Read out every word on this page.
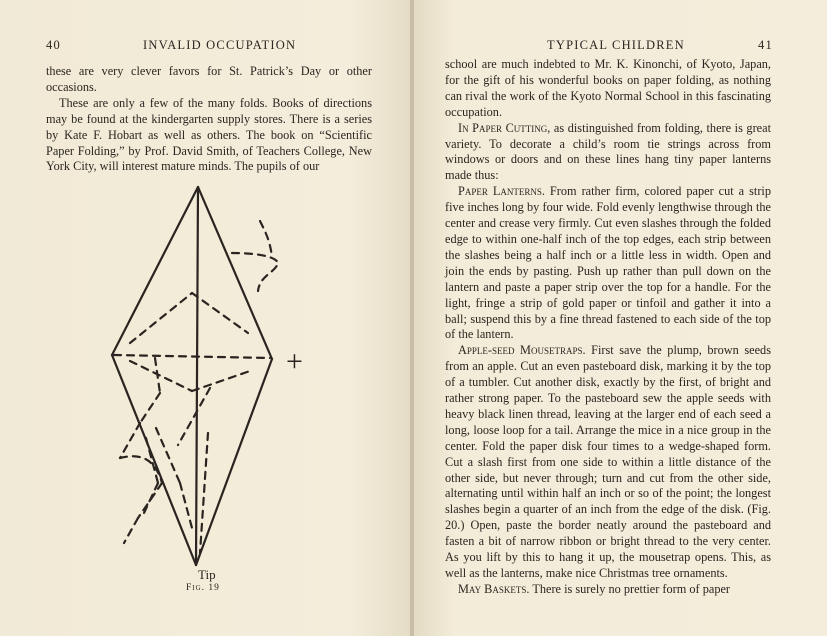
40	INVALID OCCUPATION

these are very clever favors for St. Patrick’s Day or other occasions.

These are only a few of the many folds. Books of directions may be found at the kindergarten supply stores. There is a series by Kate F. Hobart as well as others. The book on “Scientific Paper Folding,” by Prof. David Smith, of Teachers College, New York City, will interest mature minds. The pupils of our

+
Tip
Fig. 19
TYPICAL CHILDREN	41

school are much indebted to Mr. K. Kinonchi, of Kyoto, Japan, for the gift of his wonderful books on paper folding, as nothing can rival the work of the Kyoto Normal School in this fascinating occupation.

In Paper Cutting, as distinguished from folding, there is great variety. To decorate a child’s room tie strings across from windows or doors and on these lines hang tiny paper lanterns made thus:

Paper Lanterns. From rather firm, colored paper cut a strip five inches long by four wide. Fold evenly lengthwise through the center and crease very firmly. Cut even slashes through the folded edge to within one-half inch of the top edges, each strip between the slashes being a half inch or a little less in width. Open and join the ends by pasting. Push up rather than pull down on the lantern and paste a paper strip over the top for a handle. For the light, fringe a strip of gold paper or tinfoil and gather it into a ball; suspend this by a fine thread fastened to each side of the top of the lantern.

Apple-seed Mousetraps. First save the plump, brown seeds from an apple. Cut an even pasteboard disk, marking it by the top of a tumbler. Cut another disk, exactly by the first, of bright and rather strong paper. To the pasteboard sew the apple seeds with heavy black linen thread, leaving at the larger end of each seed a long, loose loop for a tail. Arrange the mice in a nice group in the center. Fold the paper disk four times to a wedge-shaped form. Cut a slash first from one side to within a little distance of the other side, but never through; turn and cut from the other side, alternating until within half an inch or so of the point; the longest slashes begin a quarter of an inch from the edge of the disk. (Fig. 20.) Open, paste the border neatly around the pasteboard and fasten a bit of narrow ribbon or bright thread to the very center. As you lift by this to hang it up, the mousetrap opens. This, as well as the lanterns, make nice Christmas tree ornaments.

May Baskets. There is surely no prettier form of paper
